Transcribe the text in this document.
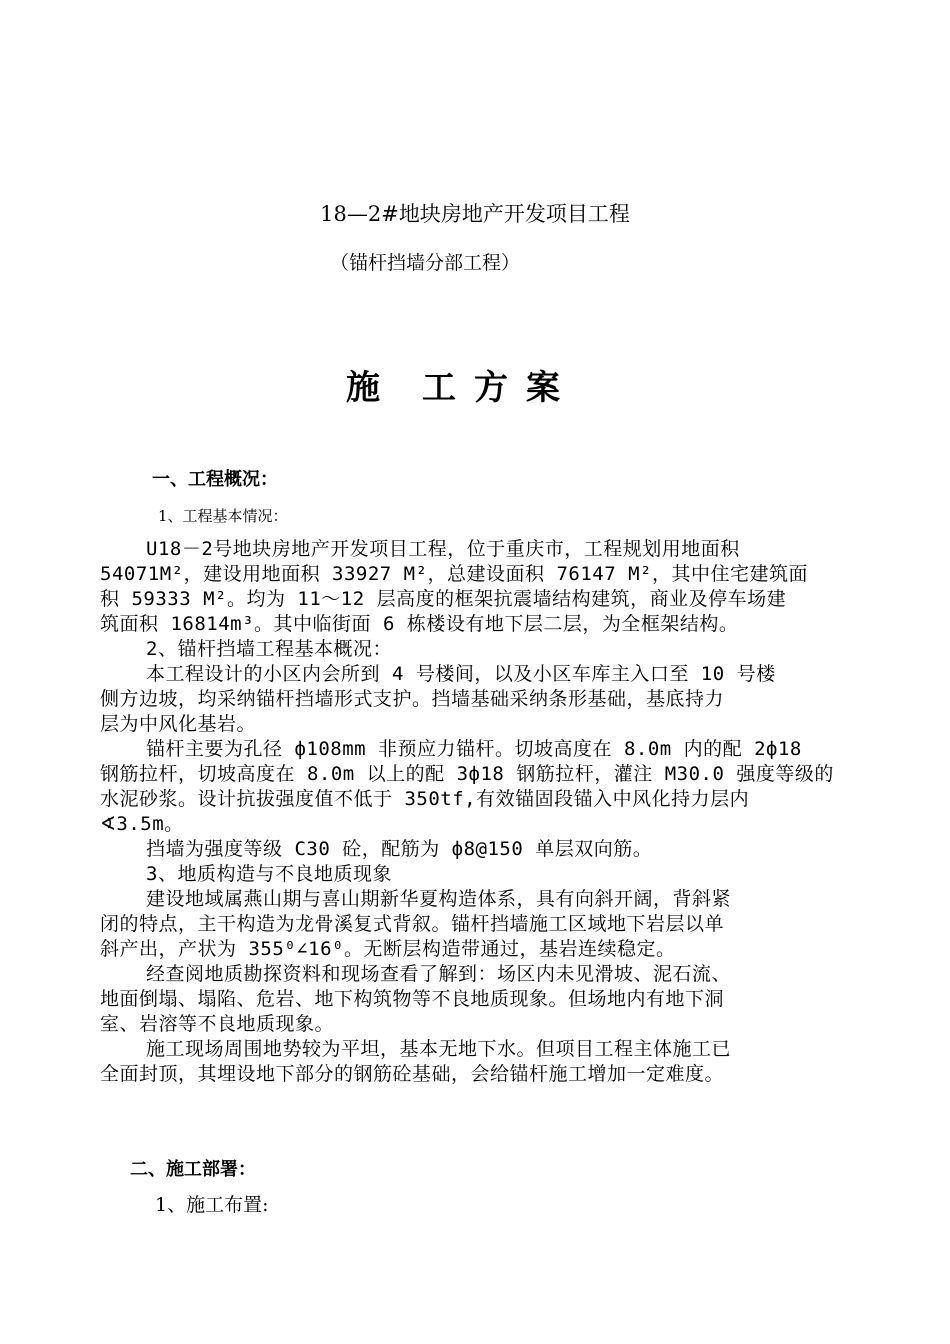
18—2#地块房地产开发项目工程
（锚杆挡墙分部工程）
施 工 方 案
一、工程概况：
1、工程基本情况：
U18－2号地块房地产开发项目工程，位于重庆市，工程规划用地面积
54071M²，建设用地面积 33927 M²，总建设面积 76147 M²，其中住宅建筑面
积 59333 M²。均为 11～12 层高度的框架抗震墙结构建筑，商业及停车场建
筑面积 16814m³。其中临街面 6 栋楼设有地下层二层，为全框架结构。
2、锚杆挡墙工程基本概况：
本工程设计的小区内会所到 4 号楼间，以及小区车库主入口至 10 号楼
侧方边坡，均采纳锚杆挡墙形式支护。挡墙基础采纳条形基础，基底持力
层为中风化基岩。
锚杆主要为孔径 ф108mm 非预应力锚杆。切坡高度在 8.0m 内的配 2ф18
钢筋拉杆，切坡高度在 8.0m 以上的配 3ф18 钢筋拉杆，灌注 M30.0 强度等级的
水泥砂浆。设计抗拔强度值不低于 350tf,有效锚固段锚入中风化持力层内
∢3.5m。
挡墙为强度等级 C30 砼，配筋为 ф8@150 单层双向筋。
3、地质构造与不良地质现象
建设地域属燕山期与喜山期新华夏构造体系，具有向斜开阔，背斜紧
闭的特点，主干构造为龙骨溪复式背叙。锚杆挡墙施工区域地下岩层以单
斜产出，产状为 355⁰∠16⁰。无断层构造带通过，基岩连续稳定。
经查阅地质勘探资料和现场查看了解到：场区内未见滑坡、泥石流、
地面倒塌、塌陷、危岩、地下构筑物等不良地质现象。但场地内有地下洞
室、岩溶等不良地质现象。
施工现场周围地势较为平坦，基本无地下水。但项目工程主体施工已
全面封顶，其埋设地下部分的钢筋砼基础，会给锚杆施工增加一定难度。
二、施工部署：
1、施工布置:
